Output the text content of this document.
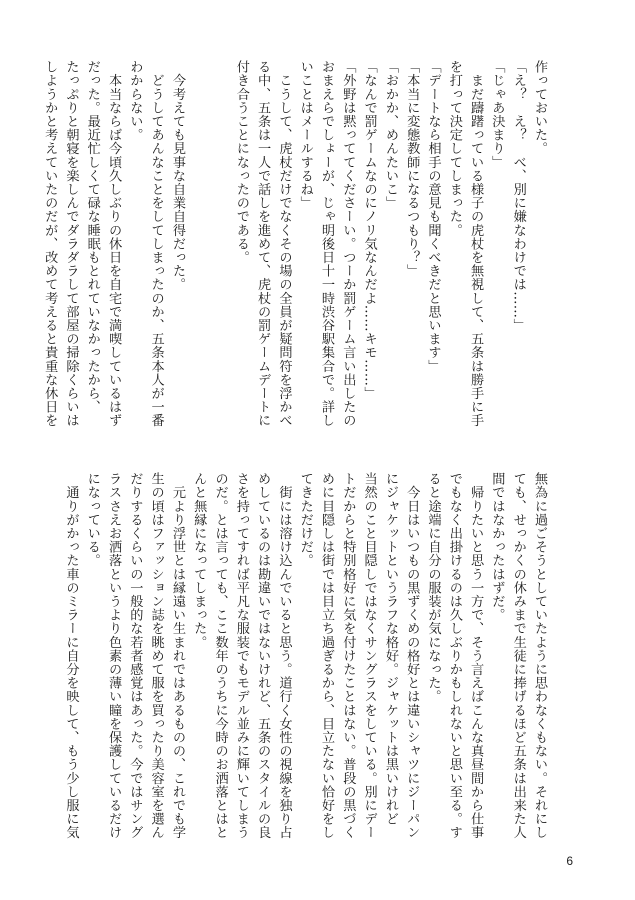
作っておいた。
「え？　え？　べ、別に嫌なわけでは……」
「じゃあ決まり」
　まだ躊躇っている様子の虎杖を無視して、五条は勝手に手
を打って決定してしまった。
「デートなら相手の意見も聞くべきだと思います」
「本当に変態教師になるつもり？」
「おかか、めんたいこ」
「なんで罰ゲームなのにノリ気なんだよ……キモ……」
「外野は黙っててくださーい。つーか罰ゲーム言い出したの
おまえらでしょーが、じゃ明後日十一時渋谷駅集合で。詳し
いことはメールするね」
　こうして、虎杖だけでなくその場の全員が疑問符を浮かべ
る中、五条は一人で話しを進めて、虎杖の罰ゲームデートに
付き合うことになったのである。

　今考えても見事な自業自得だった。
　どうしてあんなことをしてしまったのか、五条本人が一番
わからない。
　本当ならば今頃久しぶりの休日を自宅で満喫しているはず
だった。最近忙しくて碌な睡眠もとれていなかったから、
たっぷりと朝寝を楽しんでダラダラして部屋の掃除くらいは
しようかと考えていたのだが、改めて考えると貴重な休日を
無為に過ごそうとしていたように思わなくもない。それにし
ても、せっかくの休みまで生徒に捧げるほど五条は出来た人
間ではなかったはずだ。
　帰りたいと思う一方で、そう言えばこんな真昼間から仕事
でもなく出掛けるのは久しぶりかもしれないと思い至る。す
ると途端に自分の服装が気になった。
　今日はいつもの黒ずくめの格好とは違いシャツにジーパン
にジャケットというラフな格好。ジャケットは黒いけれど
当然のこと目隠しではなくサングラスをしている。別にデー
トだからと特別格好に気を付けたことはない。普段の黒づく
めに目隠しは街では目立ち過ぎるから、目立たない恰好をし
てきただけだ。
　街には溶け込んでいると思う。道行く女性の視線を独り占
めしているのは勘違いではないけれど、五条のスタイルの良
さを持ってすれば平凡な服装でもモデル並みに輝いてしまう
のだ。とは言っても、ここ数年のうちに今時のお洒落とはと
んと無縁になってしまった。
　元より浮世とは縁遠い生まれではあるものの、これでも学
生の頃はファッション誌を眺めて服を買ったり美容室を選ん
だりするくらいの一般的な若者感覚はあった。今ではサング
ラスさえお洒落というより色素の薄い瞳を保護しているだけ
になっている。
　通りがかった車のミラーに自分を映して、もう少し服に気
6
